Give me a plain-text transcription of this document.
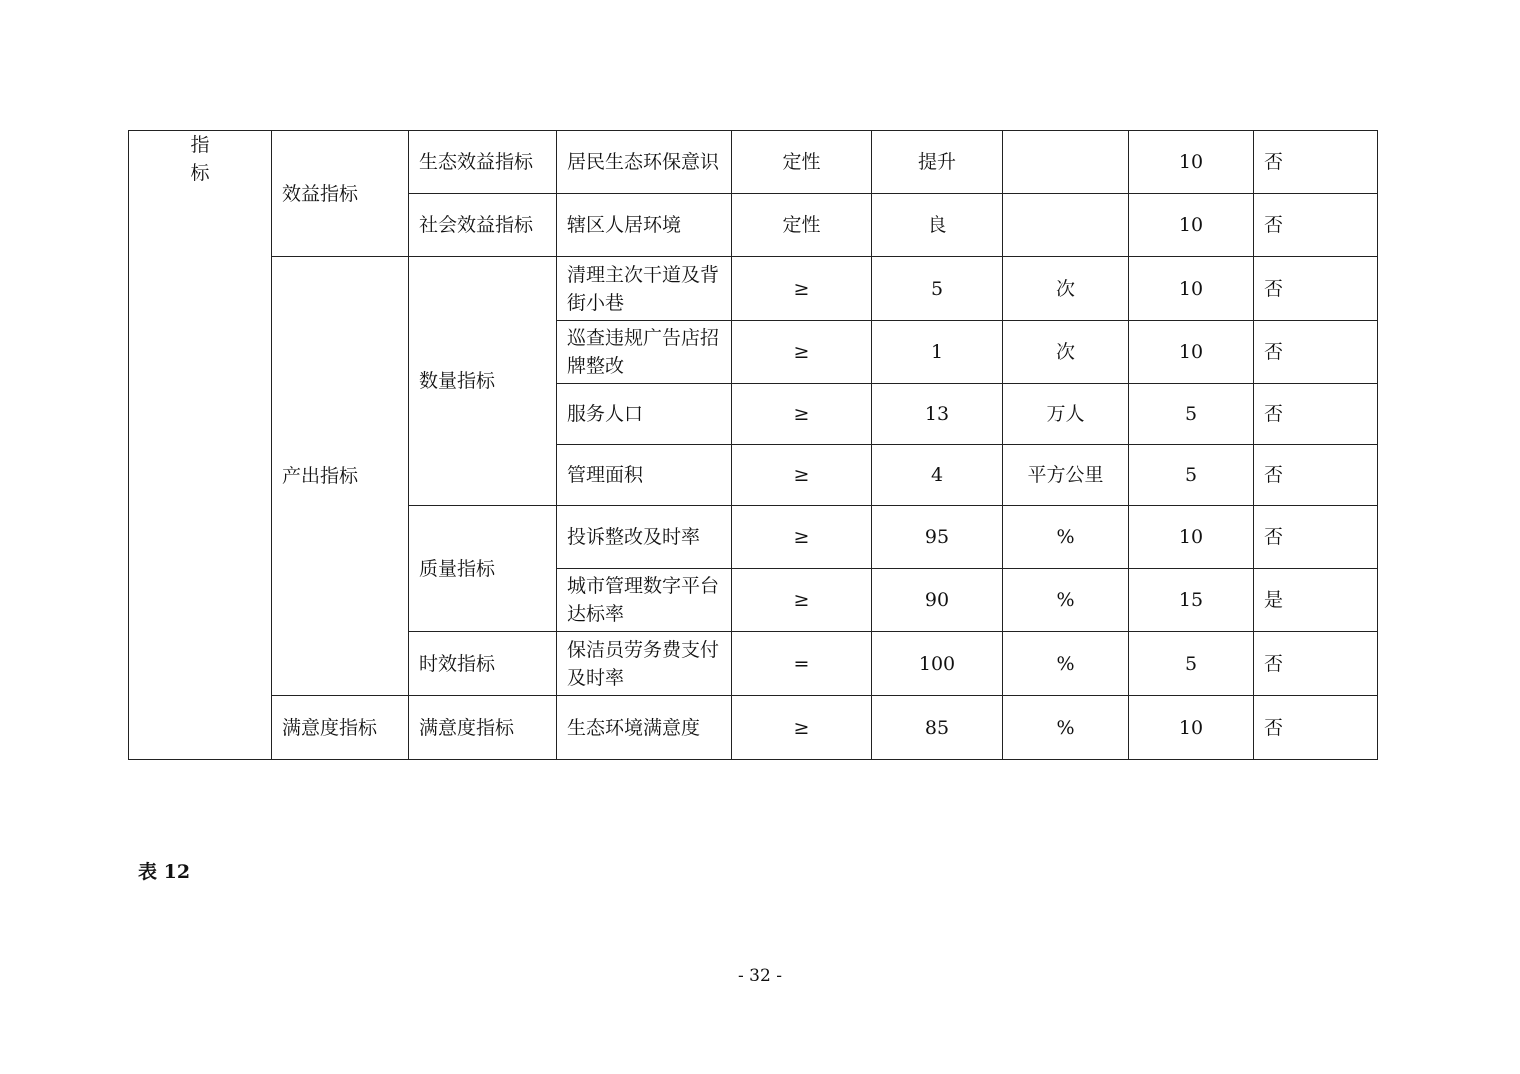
指
标	效益指标	生态效益指标	居民生态环保意识	定性	提升		10	否
		社会效益指标	辖区人居环境	定性	良		10	否
	产出指标	数量指标	清理主次干道及背街小巷	≥	5	次	10	否
			巡查违规广告店招牌整改	≥	1	次	10	否
			服务人口	≥	13	万人	5	否
			管理面积	≥	4	平方公里	5	否
		质量指标	投诉整改及时率	≥	95	%	10	否
			城市管理数字平台达标率	≥	90	%	15	是
		时效指标	保洁员劳务费支付及时率	=	100	%	5	否
	满意度指标	满意度指标	生态环境满意度	≥	85	%	10	否
表 12
- 32 -
